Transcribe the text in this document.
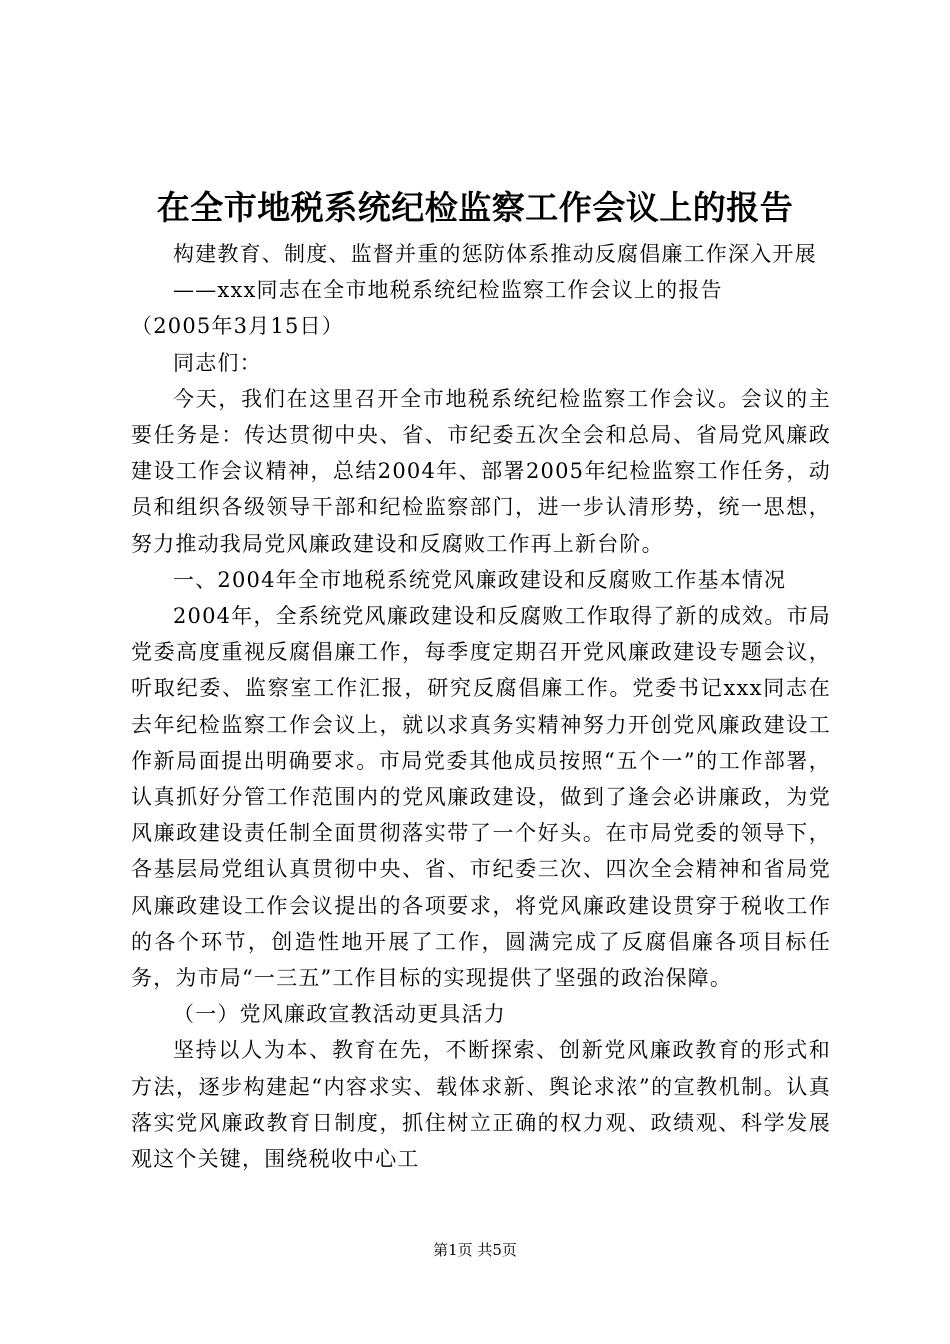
在全市地税系统纪检监察工作会议上的报告

构建教育、制度、监督并重的惩防体系推动反腐倡廉工作深入开展

——xxx同志在全市地税系统纪检监察工作会议上的报告

（2005年3月15日）

同志们：

今天，我们在这里召开全市地税系统纪检监察工作会议。会议的主要任务是：传达贯彻中央、省、市纪委五次全会和总局、省局党风廉政建设工作会议精神，总结2004年、部署2005年纪检监察工作任务，动员和组织各级领导干部和纪检监察部门，进一步认清形势，统一思想，努力推动我局党风廉政建设和反腐败工作再上新台阶。

一、2004年全市地税系统党风廉政建设和反腐败工作基本情况

2004年，全系统党风廉政建设和反腐败工作取得了新的成效。市局党委高度重视反腐倡廉工作，每季度定期召开党风廉政建设专题会议，听取纪委、监察室工作汇报，研究反腐倡廉工作。党委书记xxx同志在去年纪检监察工作会议上，就以求真务实精神努力开创党风廉政建设工作新局面提出明确要求。市局党委其他成员按照“五个一”的工作部署，认真抓好分管工作范围内的党风廉政建设，做到了逢会必讲廉政，为党风廉政建设责任制全面贯彻落实带了一个好头。在市局党委的领导下，各基层局党组认真贯彻中央、省、市纪委三次、四次全会精神和省局党风廉政建设工作会议提出的各项要求，将党风廉政建设贯穿于税收工作的各个环节，创造性地开展了工作，圆满完成了反腐倡廉各项目标任务，为市局“一三五”工作目标的实现提供了坚强的政治保障。

（一）党风廉政宣教活动更具活力

坚持以人为本、教育在先，不断探索、创新党风廉政教育的形式和方法，逐步构建起“内容求实、载体求新、舆论求浓”的宣教机制。认真落实党风廉政教育日制度，抓住树立正确的权力观、政绩观、科学发展观这个关键，围绕税收中心工

第1页 共5页
